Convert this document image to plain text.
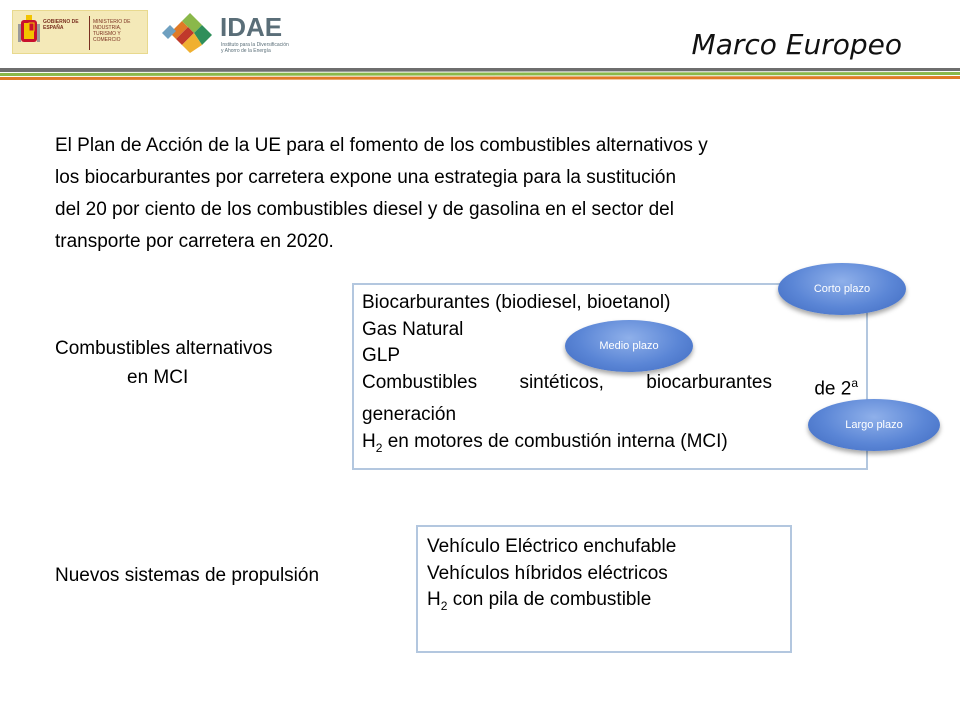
GOBIERNO DE ESPAÑA
MINISTERIO DE INDUSTRIA, TURISMO Y COMERCIO	IDAE
Instituto para la Diversificación
y Ahorro de la Energía	Marco Europeo
El Plan de Acción de la UE para el fomento de los combustibles alternativos y
los biocarburantes por carretera expone una estrategia para la sustitución
del 20 por ciento de los combustibles diesel y de gasolina en el sector del
transporte por carretera en 2020.
Combustibles alternativos
en MCI
Biocarburantes (biodiesel, bioetanol)
Gas Natural
GLP
Combustibles sintéticos, biocarburantes de 2$^a$
generación
$H_2$ en motores de combustión interna (MCI)
Corto plazo
Medio plazo
Largo plazo
Nuevos sistemas de propulsión
Vehículo Eléctrico enchufable
Vehículos híbridos eléctricos
$H_2$ con pila de combustible
